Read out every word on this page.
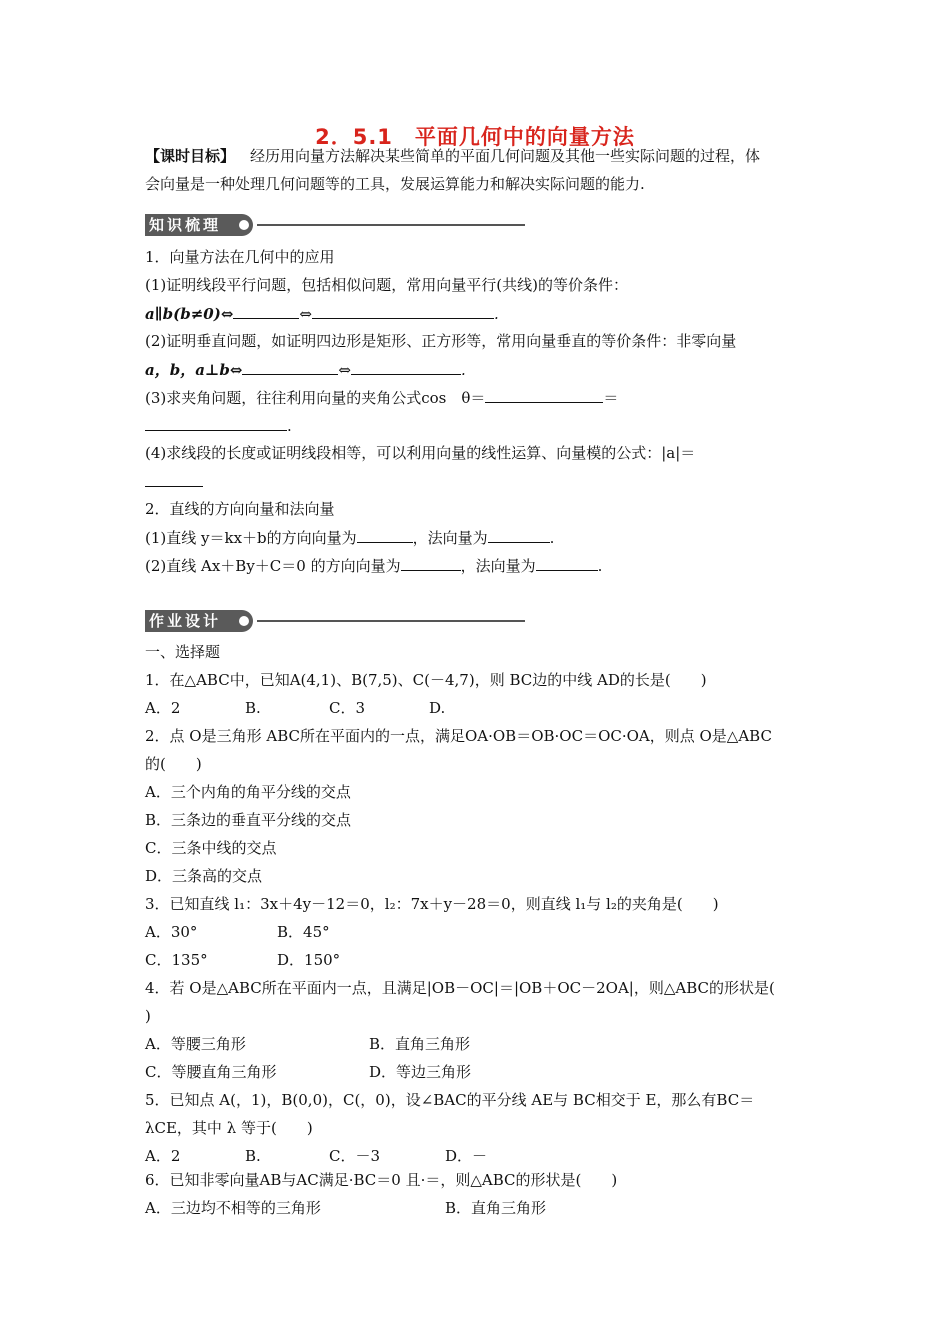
2．5.1　平面几何中的向量方法
【课时目标】  经历用向量方法解决某些简单的平面几何问题及其他一些实际问题的过程，体
会向量是一种处理几何问题等的工具，发展运算能力和解决实际问题的能力.
知识梳理
1．向量方法在几何中的应用
(1)证明线段平行问题，包括相似问题，常用向量平行(共线)的等价条件：
a∥b(b≠0)⇔	⇔	.
(2)证明垂直问题，如证明四边形是矩形、正方形等，常用向量垂直的等价条件：非零向量
a，b，a⊥b⇔	⇔	.
(3)求夹角问题，往往利用向量的夹角公式cos　θ＝	＝
.
(4)求线段的长度或证明线段相等，可以利用向量的线性运算、向量模的公式：|a|＝
2．直线的方向向量和法向量
(1)直线 y＝kx＋b的方向向量为	，法向量为	.
(2)直线 Ax＋By＋C＝0 的方向向量为	，法向量为	.
作业设计
一、选择题
1．在△ABC中，已知A(4,1)、B(7,5)、C(－4,7)，则 BC边的中线 AD的长是(　　)
A．2	B.	C．3	D.
2．点 O是三角形 ABC所在平面内的一点，满足OA·OB＝OB·OC＝OC·OA，则点 O是△ABC
的(　　)
A．三个内角的角平分线的交点
B．三条边的垂直平分线的交点
C．三条中线的交点
D．三条高的交点
3．已知直线 l₁：3x＋4y－12＝0，l₂：7x＋y－28＝0，则直线 l₁与 l₂的夹角是(　　)
A．30°	B．45°
C．135°	D．150°
4．若 O是△ABC所在平面内一点，且满足|OB－OC|＝|OB＋OC－2OA|，则△ABC的形状是(
)
A．等腰三角形	B．直角三角形
C．等腰直角三角形	D．等边三角形
5．已知点 A(，1)，B(0,0)，C(，0)，设∠BAC的平分线 AE与 BC相交于 E，那么有BC＝
λCE，其中 λ 等于(　　)
A．2	B.	C．－3	D．－
6．已知非零向量AB与AC满足·BC＝0 且·＝，则△ABC的形状是(　　)
A．三边均不相等的三角形	B．直角三角形
